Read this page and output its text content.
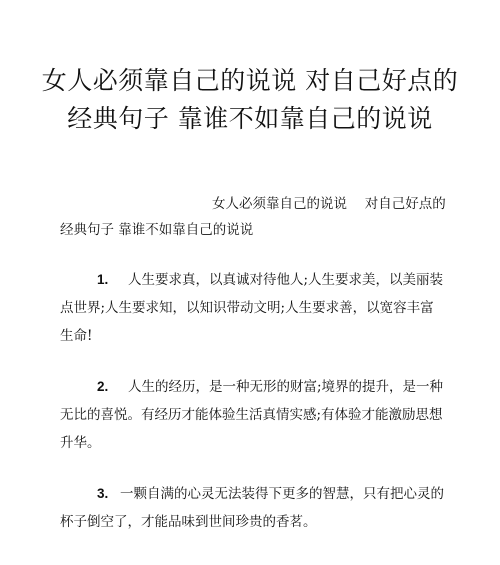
女人必须靠自己的说说 对自己好点的
经典句子 靠谁不如靠自己的说说
女人必须靠自己的说说　 对自己好点的
经典句子 靠谁不如靠自己的说说
1. 人生要求真，以真诚对待他人;人生要求美，以美丽装
点世界;人生要求知，以知识带动文明;人生要求善，以宽容丰富
生命!
2. 人生的经历，是一种无形的财富;境界的提升，是一种
无比的喜悦。有经历才能体验生活真情实感;有体验才能激励思想
升华。
3. 一颗自满的心灵无法装得下更多的智慧，只有把心灵的
杯子倒空了，才能品味到世间珍贵的香茗。
